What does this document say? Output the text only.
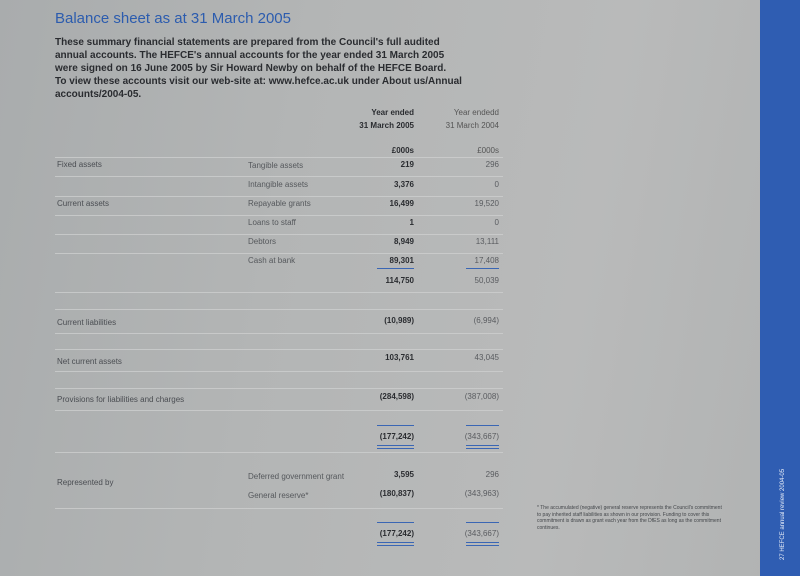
Balance sheet as at 31 March 2005
These summary financial statements are prepared from the Council's full audited
annual accounts. The HEFCE's annual accounts for the year ended 31 March 2005
were signed on 16 June 2005 by Sir Howard Newby on behalf of the HEFCE Board.
To view these accounts visit our web-site at: www.hefce.ac.uk under About us/Annual
accounts/2004-05.
Year ended
31 March 2005
Year endedd
31 March 2004
£000s	£000s
Fixed assets	Tangible assets	219	296
Intangible assets	3,376	0
Current assets	Repayable grants	16,499	19,520
Loans to staff	1	0
Debtors	8,949	13,111
Cash at bank	89,301	17,408
114,750	50,039
Current liabilities	(10,989)	(6,994)
Net current assets	103,761	43,045
Provisions for liabilities and charges	(284,598)	(387,008)
(177,242)	(343,667)
Represented by
Deferred government grant	3,595	296
General reserve*	(180,837)	(343,963)
(177,242)	(343,667)
* The accumulated (negative) general reserve represents the Council's commitment to pay inherited staff liabilities as shown in our provision. Funding to cover this commitment is drawn as grant each year from the DfES as long as the commitment continues.	27 HEFCE annual review 2004-05
